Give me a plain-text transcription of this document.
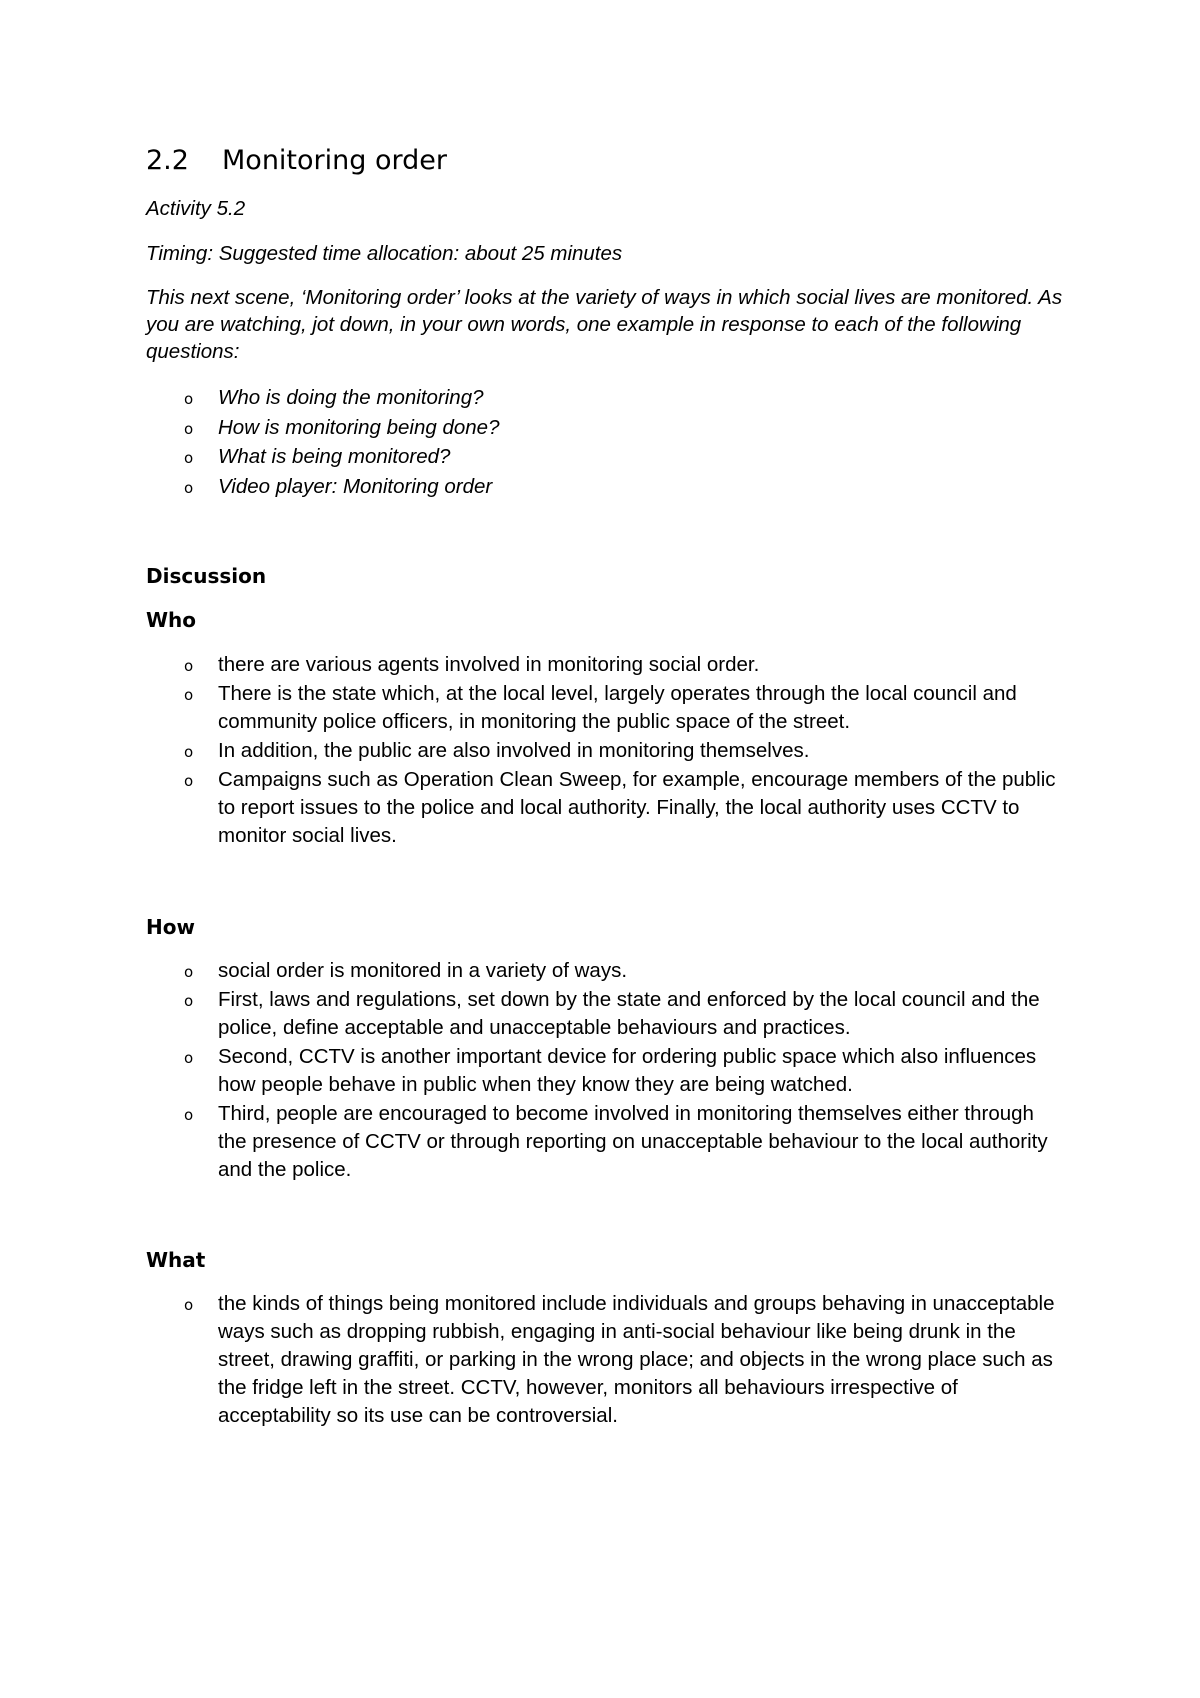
2.2 Monitoring order

Activity 5.2

Timing: Suggested time allocation: about 25 minutes

This next scene, ‘Monitoring order’ looks at the variety of ways in which social lives are monitored. As you are watching, jot down, in your own words, one example in response to each of the following questions:

o Who is doing the monitoring?
o How is monitoring being done?
o What is being monitored?
o Video player: Monitoring order
Discussion
Who
o there are various agents involved in monitoring social order.
o There is the state which, at the local level, largely operates through the local council and community police officers, in monitoring the public space of the street.
o In addition, the public are also involved in monitoring themselves.
o Campaigns such as Operation Clean Sweep, for example, encourage members of the public to report issues to the police and local authority. Finally, the local authority uses CCTV to monitor social lives.
How
o social order is monitored in a variety of ways.
o First, laws and regulations, set down by the state and enforced by the local council and the police, define acceptable and unacceptable behaviours and practices.
o Second, CCTV is another important device for ordering public space which also influences how people behave in public when they know they are being watched.
o Third, people are encouraged to become involved in monitoring themselves either through the presence of CCTV or through reporting on unacceptable behaviour to the local authority and the police.
What
o the kinds of things being monitored include individuals and groups behaving in unacceptable ways such as dropping rubbish, engaging in anti-social behaviour like being drunk in the street, drawing graffiti, or parking in the wrong place; and objects in the wrong place such as the fridge left in the street. CCTV, however, monitors all behaviours irrespective of acceptability so its use can be controversial.
